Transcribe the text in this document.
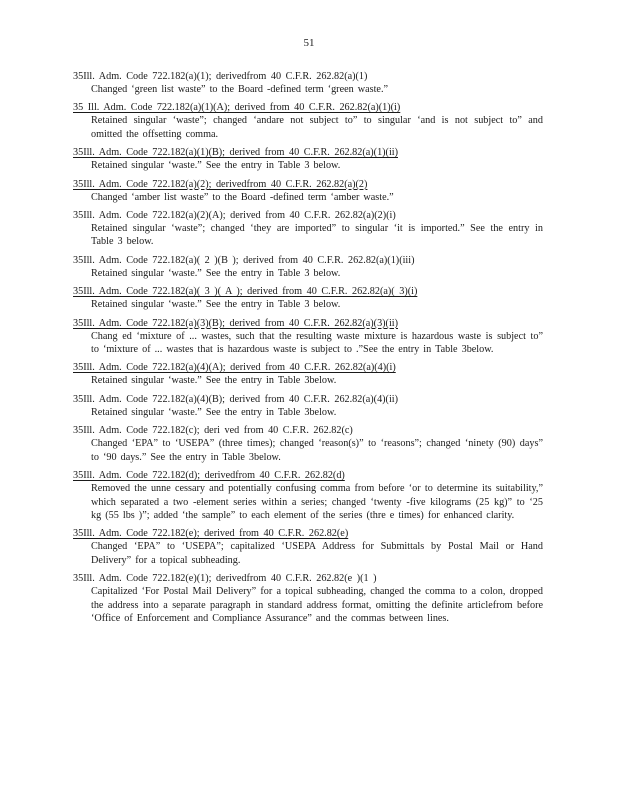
51
35Ill. Adm. Code 722.182(a)(1); derivedfrom 40 C.F.R. 262.82(a)(1)
Changed ‘green list waste” to the Board -defined term ‘green waste.”
35 Ill. Adm. Code 722.182(a)(1)(A); derived from 40 C.F.R. 262.82(a)(1)(i)
Retained singular ‘waste”; changed ‘andare not subject to” to singular ‘and is not subject to” and omitted the offsetting comma.
35Ill. Adm. Code 722.182(a)(1)(B); derived from 40 C.F.R. 262.82(a)(1)(ii)
Retained singular ‘waste.” See the entry in Table 3 below.
35Ill. Adm. Code 722.182(a)(2); derivedfrom 40 C.F.R. 262.82(a)(2)
Changed ‘amber list waste” to the Board -defined term ‘amber waste.”
35Ill. Adm. Code 722.182(a)(2)(A); derived from 40 C.F.R. 262.82(a)(2)(i)
Retained singular ‘waste”; changed ‘they are imported” to singular ‘it is imported.” See the entry in Table 3 below.
35Ill. Adm. Code 722.182(a)( 2 )(B ); derived from 40 C.F.R. 262.82(a)(1)(iii)
Retained singular ‘waste.” See the entry in Table 3 below.
35Ill. Adm. Code 722.182(a)( 3 )( A ); derived from 40 C.F.R. 262.82(a)( 3)(i)
Retained singular ‘waste.” See the entry in Table 3 below.
35Ill. Adm. Code 722.182(a)(3)(B); derived from 40 C.F.R. 262.82(a)(3)(ii)
Chang ed ‘mixture of ... wastes, such that the resulting waste mixture is hazardous waste is subject to” to ‘mixture of ... wastes that is hazardous waste is subject to .”See the entry in Table 3below.
35Ill. Adm. Code 722.182(a)(4)(A); derived from 40 C.F.R. 262.82(a)(4)(i)
Retained singular ‘waste.” See the entry in Table 3below.
35Ill. Adm. Code 722.182(a)(4)(B); derived from 40 C.F.R. 262.82(a)(4)(ii)
Retained singular ‘waste.” See the entry in Table 3below.
35Ill. Adm. Code 722.182(c); deri ved from 40 C.F.R. 262.82(c)
Changed ‘EPA” to ‘USEPA” (three times); changed ‘reason(s)” to ‘reasons”; changed ‘ninety (90) days” to ‘90 days.” See the entry in Table 3below.
35Ill. Adm. Code 722.182(d); derivedfrom 40 C.F.R. 262.82(d)
Removed the unne cessary and potentially confusing comma from before ‘or to determine its suitability,” which separated a two -element series within a series; changed ‘twenty -five kilograms (25 kg)” to ‘25 kg (55 lbs )”; added ‘the sample” to each element of the series (thre e times) for enhanced clarity.
35Ill. Adm. Code 722.182(e); derived from 40 C.F.R. 262.82(e)
Changed ‘EPA” to ‘USEPA”; capitalized ‘USEPA Address for Submittals by Postal Mail or Hand Delivery” for a topical subheading.
35Ill. Adm. Code 722.182(e)(1); derivedfrom 40 C.F.R. 262.82(e )(1 )
Capitalized ‘For Postal Mail Delivery” for a topical subheading, changed the comma to a colon, dropped the address into a separate paragraph in standard address format, omitting the definite articlefrom before ‘Office of Enforcement and Compliance Assurance” and the commas between lines.
